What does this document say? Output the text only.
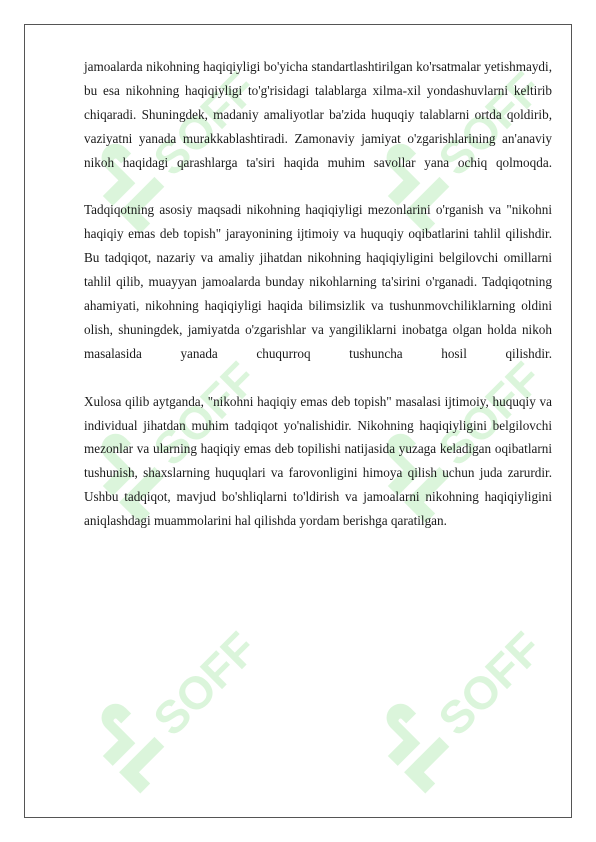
SOFF	SOFF
SOFF	SOFF
SOFF	SOFF

jamoalarda nikohning haqiqiyligi bo'yicha standartlashtirilgan ko'rsatmalar yetishmaydi, bu esa nikohning haqiqiyligi to'g'risidagi talablarga xilma-xil yondashuvlarni keltirib chiqaradi. Shuningdek, madaniy amaliyotlar ba'zida huquqiy talablarni ortda qoldirib, vaziyatni yanada murakkablashtiradi. Zamonaviy jamiyat o'zgarishlarining an'anaviy nikoh haqidagi qarashlarga ta'siri haqida muhim savollar yana ochiq qolmoqda.

Tadqiqotning asosiy maqsadi nikohning haqiqiyligi mezonlarini o'rganish va "nikohni haqiqiy emas deb topish" jarayonining ijtimoiy va huquqiy oqibatlarini tahlil qilishdir. Bu tadqiqot, nazariy va amaliy jihatdan nikohning haqiqiyligini belgilovchi omillarni tahlil qilib, muayyan jamoalarda bunday nikohlarning ta'sirini o'rganadi. Tadqiqotning ahamiyati, nikohning haqiqiyligi haqida bilimsizlik va tushunmovchiliklarning oldini olish, shuningdek, jamiyatda o'zgarishlar va yangiliklarni inobatga olgan holda nikoh masalasida yanada chuqurroq tushuncha hosil qilishdir.

Xulosa qilib aytganda, "nikohni haqiqiy emas deb topish" masalasi ijtimoiy, huquqiy va individual jihatdan muhim tadqiqot yo'nalishidir. Nikohning haqiqiyligini belgilovchi mezonlar va ularning haqiqiy emas deb topilishi natijasida yuzaga keladigan oqibatlarni tushunish, shaxslarning huquqlari va farovonligini himoya qilish uchun juda zarurdir. Ushbu tadqiqot, mavjud bo'shliqlarni to'ldirish va jamoalarni nikohning haqiqiyligini aniqlashdagi muammolarini hal qilishda yordam berishga qaratilgan.
